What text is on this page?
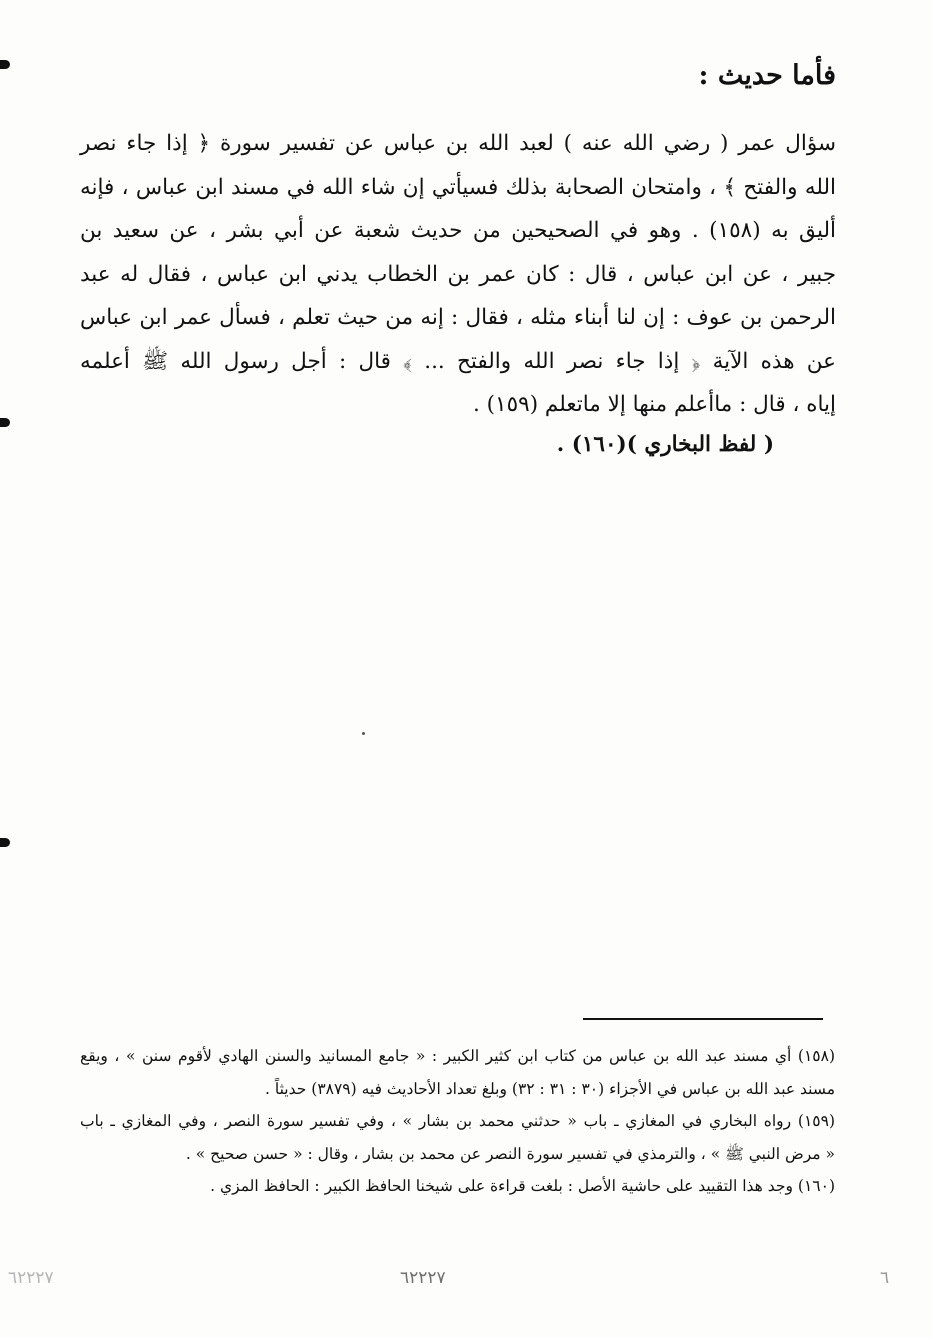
فأما حديث :
سؤال عمر ( رضي الله عنه ) لعبد الله بن عباس عن تفسير سورة ﴿ إذا جاء نصر
الله والفتح ﴾ ، وامتحان الصحابة بذلك فسيأتي إن شاء الله في مسند ابن عباس ، فإنه
أليق به (١٥٨) . وهو في الصحيحين من حديث شعبة عن أبي بشر ، عن سعيد بن
جبير ، عن ابن عباس ، قال : كان عمر بن الخطاب يدني ابن عباس ، فقال له عبد
الرحمن بن عوف : إن لنا أبناء مثله ، فقال : إنه من حيث تعلم ، فسأل عمر ابن عباس
عن هذه الآية ﴿ إذا جاء نصر الله والفتح ... ﴾ قال : أجل رسول الله ﷺ أعلمه
إياه ، قال : ماأعلم منها إلا ماتعلم (١٥٩) .
( لفظ البخاري )(١٦٠) .
(١٥٨) أي مسند عبد الله بن عباس من كتاب ابن كثير الكبير : « جامع المسانيد والسنن الهادي لأقوم سنن » ، ويقع
مسند عبد الله بن عباس في الأجزاء (٣٠ : ٣١ : ٣٢) وبلغ تعداد الأحاديث فيه (٣٨٧٩) حديثاً .
(١٥٩) رواه البخاري في المغازي ـ باب « حدثني محمد بن بشار » ، وفي تفسير سورة النصر ، وفي المغازي ـ باب
« مرض النبي ﷺ » ، والترمذي في تفسير سورة النصر عن محمد بن بشار ، وقال : « حسن صحيح » .
(١٦٠) وجد هذا التقييد على حاشية الأصل : بلغت قراءة على شيخنا الحافظ الكبير : الحافظ المزي .
٦٢٢٢٧
٦٢٢٢٧	٦
